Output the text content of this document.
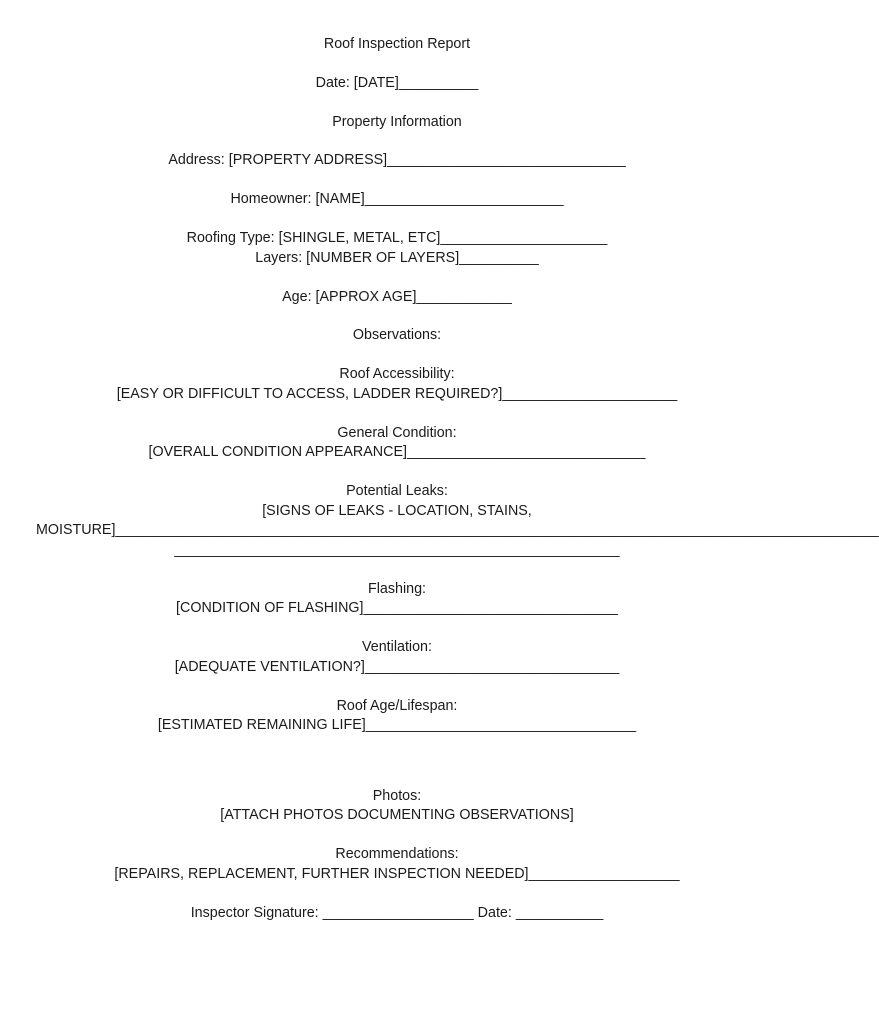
Roof Inspection Report
Date: [DATE]__________
Property Information
Address: [PROPERTY ADDRESS]______________________________
Homeowner: [NAME]_________________________
Roofing Type: [SHINGLE, METAL, ETC]_____________________
Layers: [NUMBER OF LAYERS]__________
Age: [APPROX AGE]____________
Observations:
Roof Accessibility:
[EASY OR DIFFICULT TO ACCESS, LADDER REQUIRED?]______________________
General Condition:
[OVERALL CONDITION APPEARANCE]______________________________
Potential Leaks:
[SIGNS OF LEAKS - LOCATION, STAINS,
MOISTURE]________________________________________________________________________________________________
________________________________________________________
Flashing:
[CONDITION OF FLASHING]________________________________
Ventilation:
[ADEQUATE VENTILATION?]________________________________
Roof Age/Lifespan:
[ESTIMATED REMAINING LIFE]__________________________________
Photos:
[ATTACH PHOTOS DOCUMENTING OBSERVATIONS]
Recommendations:
[REPAIRS, REPLACEMENT, FURTHER INSPECTION NEEDED]___________________
Inspector Signature: ___________________ Date: ___________
